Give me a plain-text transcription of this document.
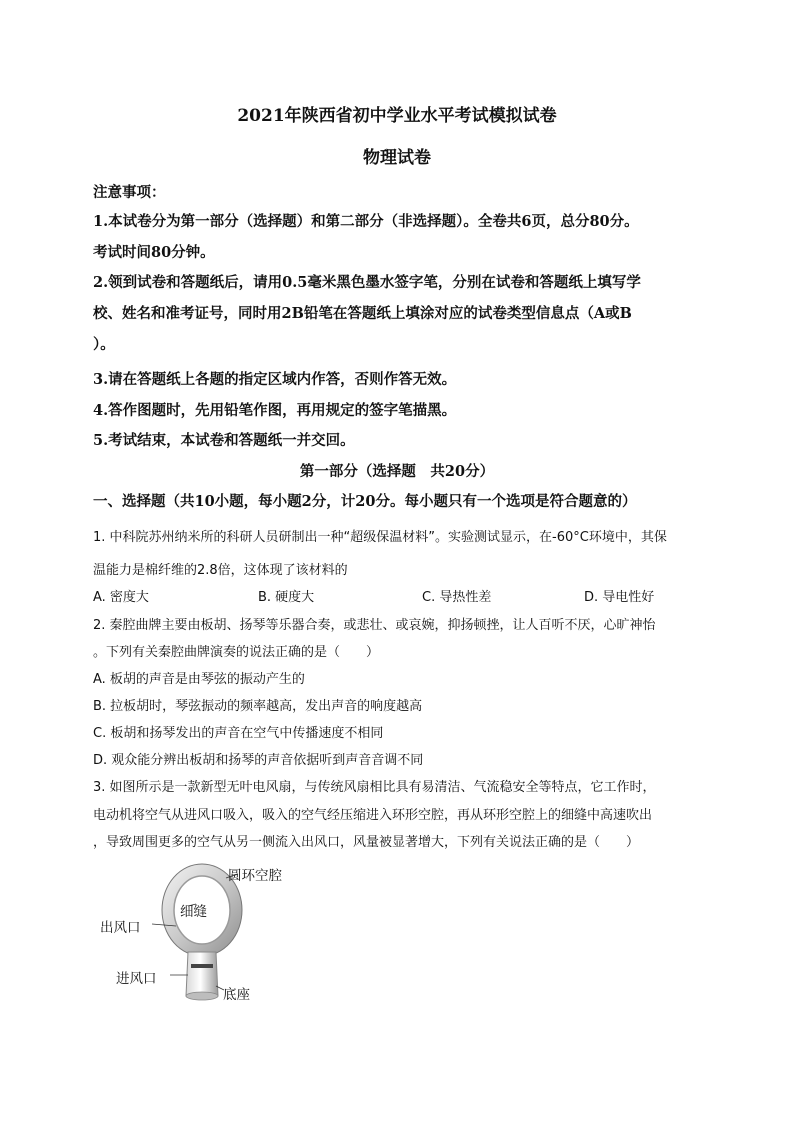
2021年陕西省初中学业水平考试模拟试卷
物理试卷
注意事项：
1.本试卷分为第一部分（选择题）和第二部分（非选择题）。全卷共6页，总分80分。
考试时间80分钟。
2.领到试卷和答题纸后，请用0.5毫米黑色墨水签字笔，分别在试卷和答题纸上填写学
校、姓名和准考证号，同时用2B铅笔在答题纸上填涂对应的试卷类型信息点（A或B
）。
3.请在答题纸上各题的指定区域内作答，否则作答无效。
4.答作图题时，先用铅笔作图，再用规定的签字笔描黑。
5.考试结束，本试卷和答题纸一并交回。
第一部分（选择题　共20分）
一、选择题（共10小题，每小题2分，计20分。每小题只有一个选项是符合题意的）
1. 中科院苏州纳米所的科研人员研制出一种“超级保温材料”。实验测试显示，在-60°C环境中，其保
温能力是棉纤维的2.8倍，这体现了该材料的
A. 密度大	B. 硬度大	C. 导热性差	D. 导电性好
2. 秦腔曲牌主要由板胡、扬琴等乐器合奏，或悲壮、或哀婉，抑扬顿挫，让人百听不厌，心旷神怡
。下列有关秦腔曲牌演奏的说法正确的是（　　）
A. 板胡的声音是由琴弦的振动产生的
B. 拉板胡时，琴弦振动的频率越高，发出声音的响度越高
C. 板胡和扬琴发出的声音在空气中传播速度不相同
D. 观众能分辨出板胡和扬琴的声音依据听到声音音调不同
3. 如图所示是一款新型无叶电风扇，与传统风扇相比具有易清洁、气流稳安全等特点，它工作时，
电动机将空气从进风口吸入，吸入的空气经压缩进入环形空腔，再从环形空腔上的细缝中高速吹出
，导致周围更多的空气从另一侧流入出风口，风量被显著增大，下列有关说法正确的是（　　）
圆环空腔
细缝
出风口
进风口
底座
